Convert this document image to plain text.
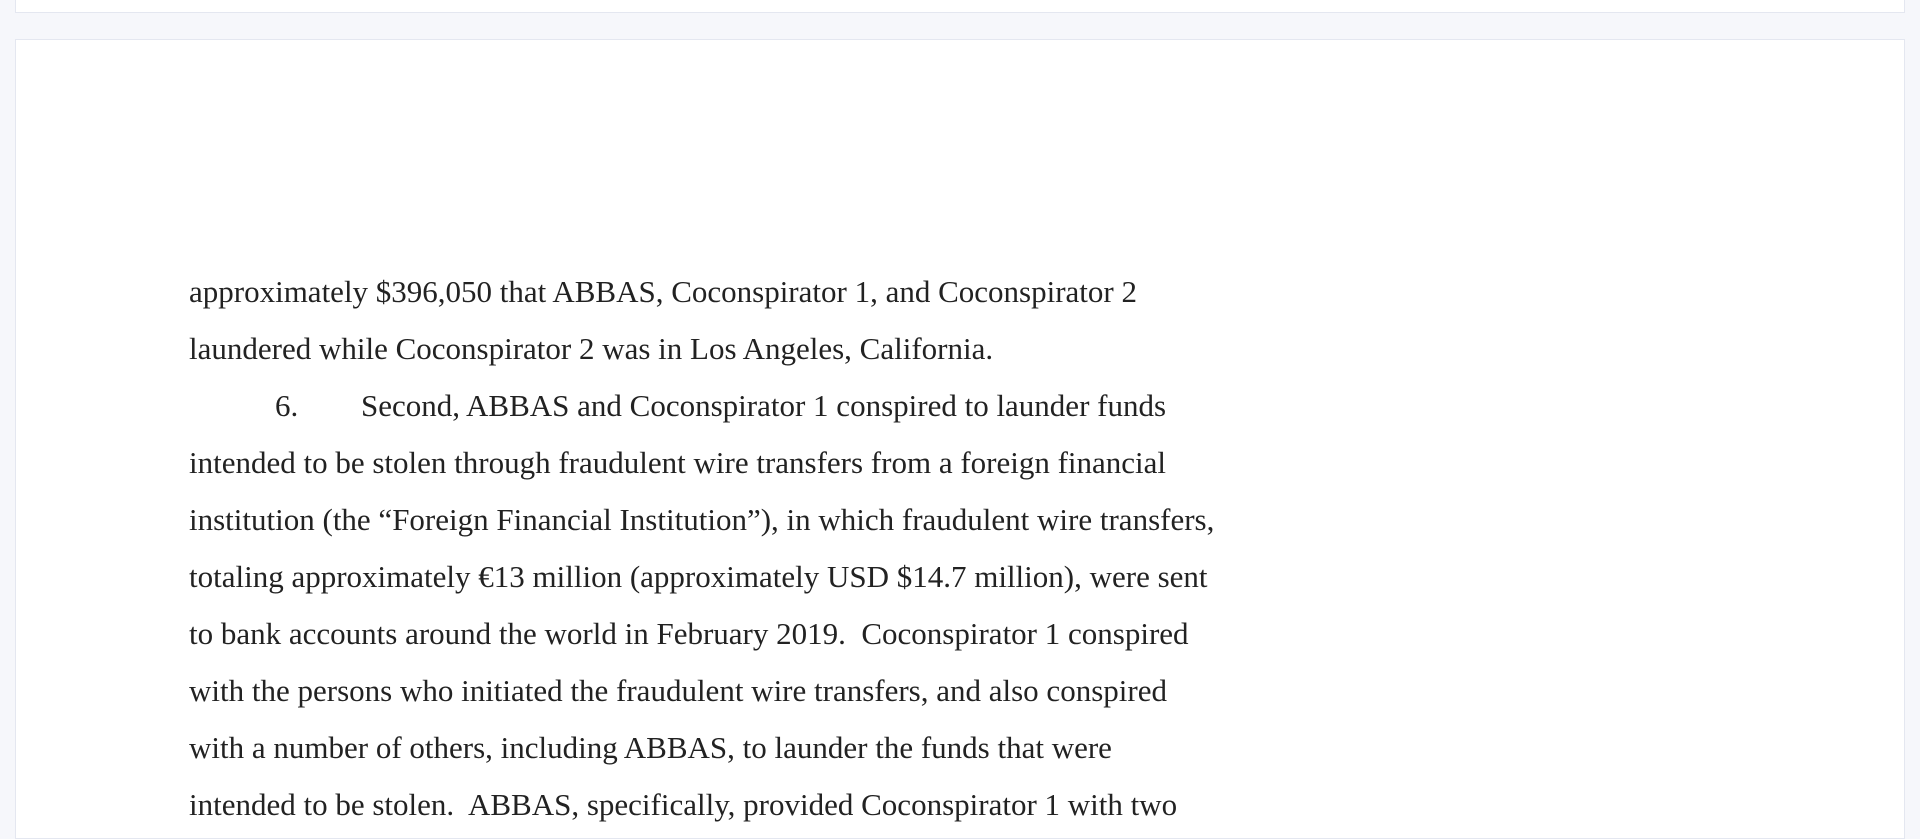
approximately $396,050 that ABBAS, Coconspirator 1, and Coconspirator 2
laundered while Coconspirator 2 was in Los Angeles, California.
6. Second, ABBAS and Coconspirator 1 conspired to launder funds
intended to be stolen through fraudulent wire transfers from a foreign financial
institution (the “Foreign Financial Institution”), in which fraudulent wire transfers,
totaling approximately €13 million (approximately USD $14.7 million), were sent
to bank accounts around the world in February 2019.  Coconspirator 1 conspired
with the persons who initiated the fraudulent wire transfers, and also conspired
with a number of others, including ABBAS, to launder the funds that were
intended to be stolen.  ABBAS, specifically, provided Coconspirator 1 with two
